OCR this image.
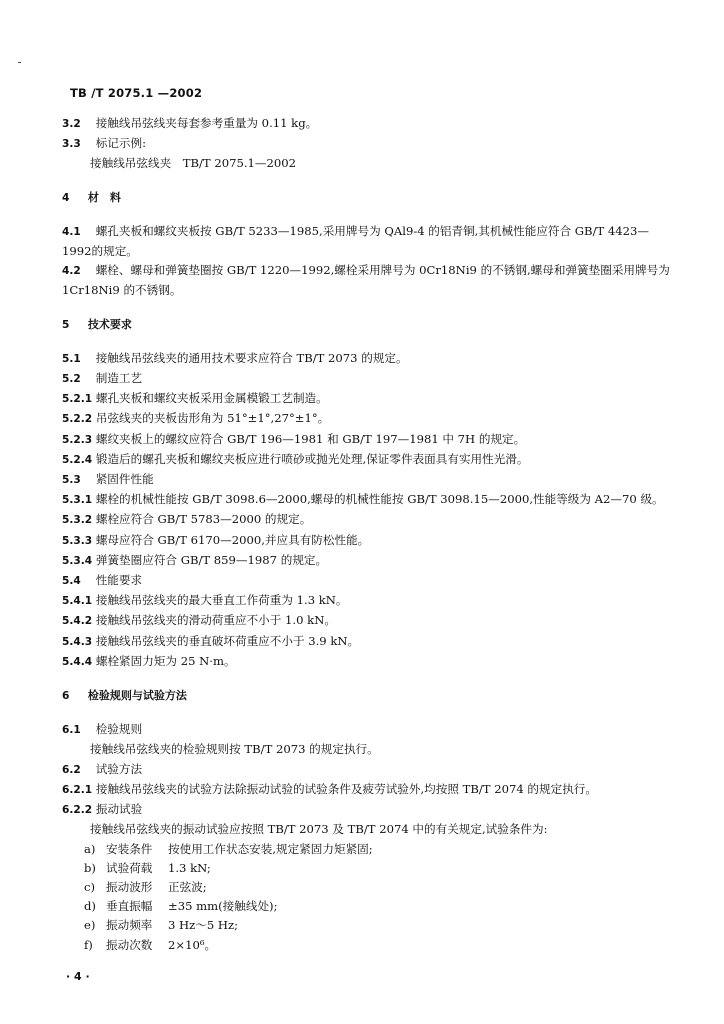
TB /T 2075.1 —2002
3.2 接触线吊弦线夹每套参考重量为 0.11 kg。
3.3 标记示例:
接触线吊弦线夹　TB/T 2075.1—2002
4 材　料
4.1 螺孔夹板和螺纹夹板按 GB/T 5233—1985,采用牌号为 QAl9-4 的铝青铜,其机械性能应符合 GB/T 4423—1992的规定。
4.2 螺栓、螺母和弹簧垫圈按 GB/T 1220—1992,螺栓采用牌号为 0Cr18Ni9 的不锈钢,螺母和弹簧垫圈采用牌号为 1Cr18Ni9 的不锈钢。
5 技术要求
5.1 接触线吊弦线夹的通用技术要求应符合 TB/T 2073 的规定。
5.2 制造工艺
5.2.1 螺孔夹板和螺纹夹板采用金属模锻工艺制造。
5.2.2 吊弦线夹的夹板齿形角为 51°±1°,27°±1°。
5.2.3 螺纹夹板上的螺纹应符合 GB/T 196—1981 和 GB/T 197—1981 中 7H 的规定。
5.2.4 锻造后的螺孔夹板和螺纹夹板应进行喷砂或抛光处理,保证零件表面具有实用性光滑。
5.3 紧固件性能
5.3.1 螺栓的机械性能按 GB/T 3098.6—2000,螺母的机械性能按 GB/T 3098.15—2000,性能等级为 A2—70 级。
5.3.2 螺栓应符合 GB/T 5783—2000 的规定。
5.3.3 螺母应符合 GB/T 6170—2000,并应具有防松性能。
5.3.4 弹簧垫圈应符合 GB/T 859—1987 的规定。
5.4 性能要求
5.4.1 接触线吊弦线夹的最大垂直工作荷重为 1.3 kN。
5.4.2 接触线吊弦线夹的滑动荷重应不小于 1.0 kN。
5.4.3 接触线吊弦线夹的垂直破坏荷重应不小于 3.9 kN。
5.4.4 螺栓紧固力矩为 25 N·m。
6 检验规则与试验方法
6.1 检验规则
接触线吊弦线夹的检验规则按 TB/T 2073 的规定执行。
6.2 试验方法
6.2.1 接触线吊弦线夹的试验方法除振动试验的试验条件及疲劳试验外,均按照 TB/T 2074 的规定执行。
6.2.2 振动试验
接触线吊弦线夹的振动试验应按照 TB/T 2073 及 TB/T 2074 中的有关规定,试验条件为:
a) 安装条件 按使用工作状态安装,规定紧固力矩紧固;
b) 试验荷载 1.3 kN;
c) 振动波形 正弦波;
d) 垂直振幅 ±35 mm(接触线处);
e) 振动频率 3 Hz～5 Hz;
f) 振动次数 2×10⁶。
· 4 ·
